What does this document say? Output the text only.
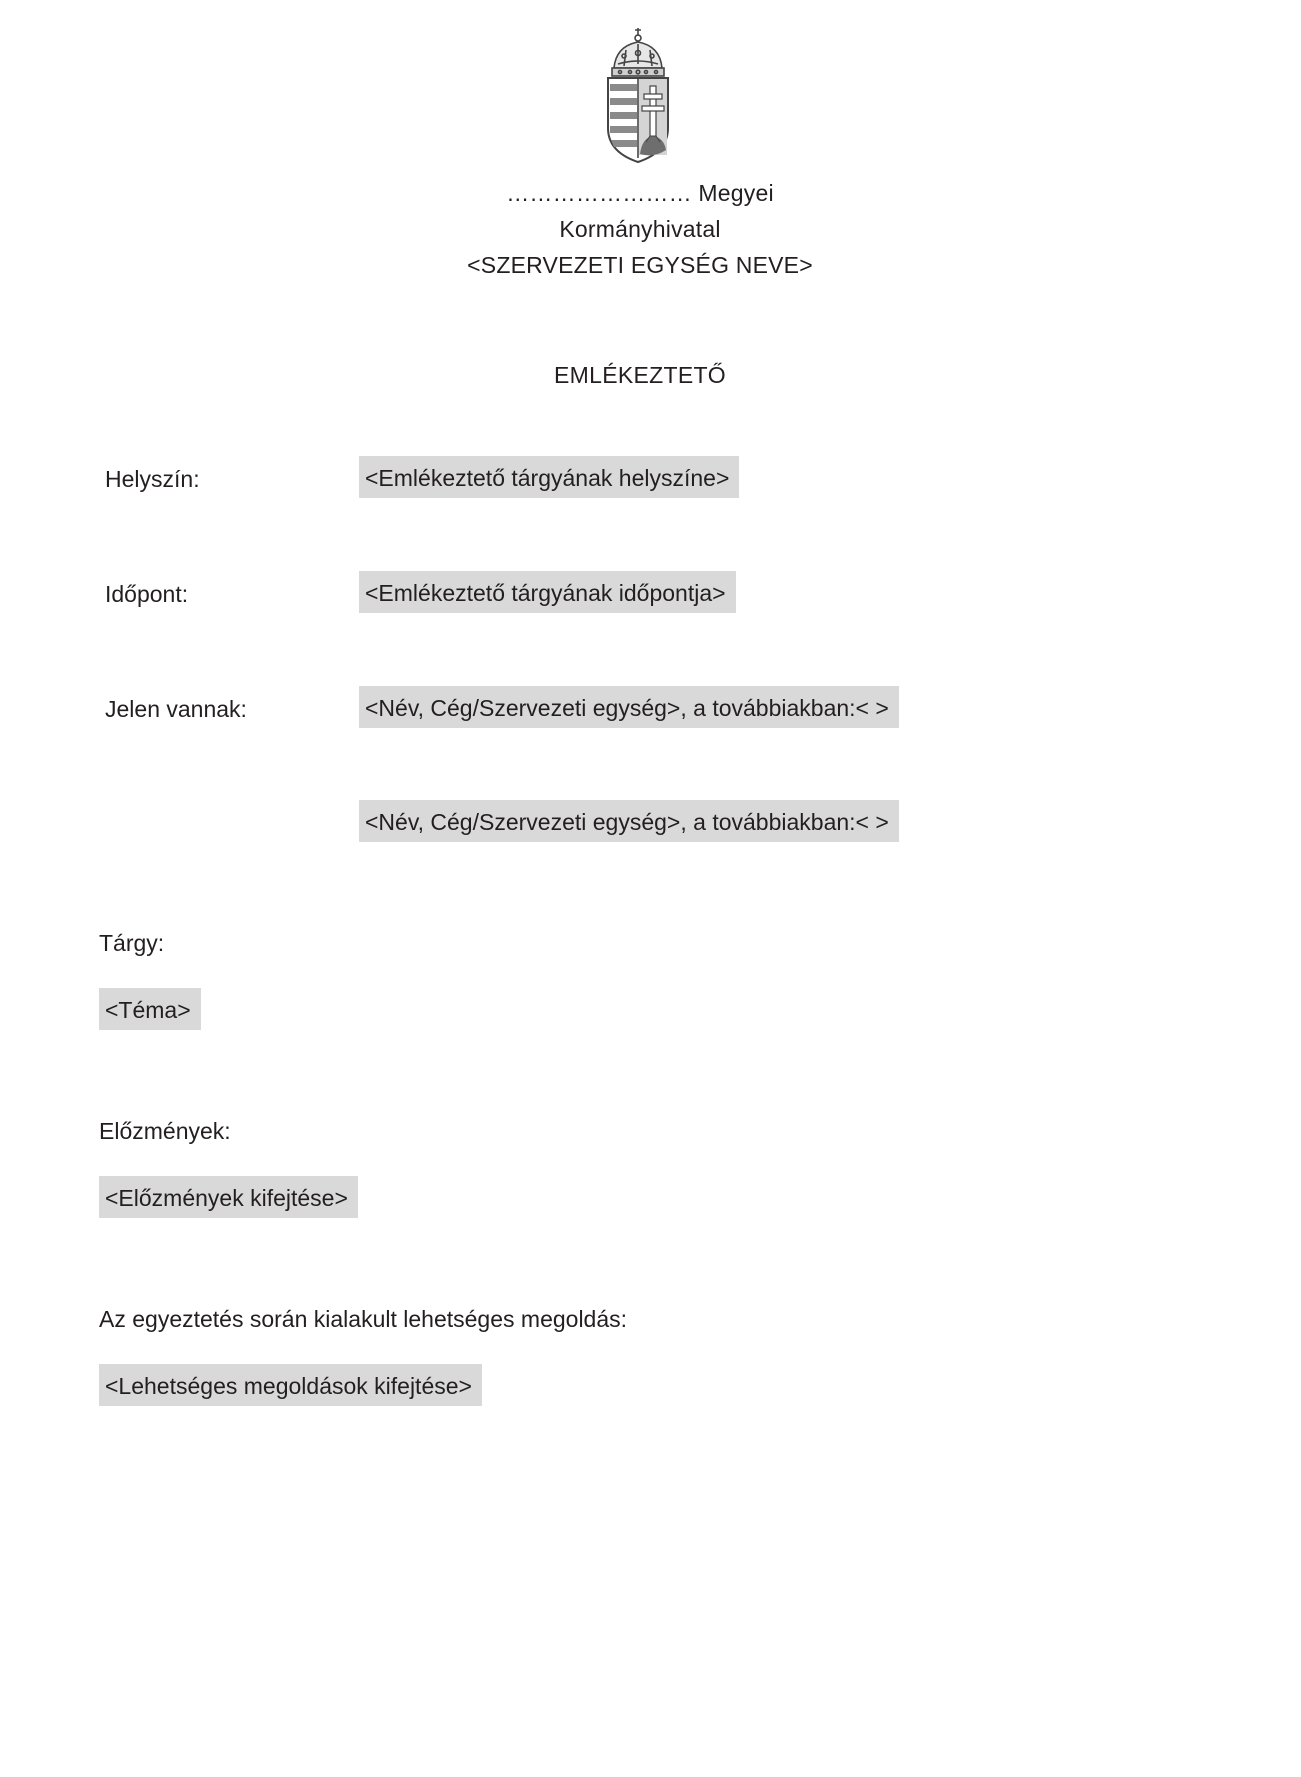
…………………… Megyei
Kormányhivatal
<SZERVEZETI EGYSÉG NEVE>
EMLÉKEZTETŐ
Helyszín:	<Emlékeztető tárgyának helyszíne>
Időpont:	<Emlékeztető tárgyának időpontja>
Jelen vannak:	<Név, Cég/Szervezeti egység>, a továbbiakban:< >
<Név, Cég/Szervezeti egység>, a továbbiakban:< >
Tárgy:
<Téma>
Előzmények:
<Előzmények kifejtése>
Az egyeztetés során kialakult lehetséges megoldás:
<Lehetséges megoldások kifejtése>
